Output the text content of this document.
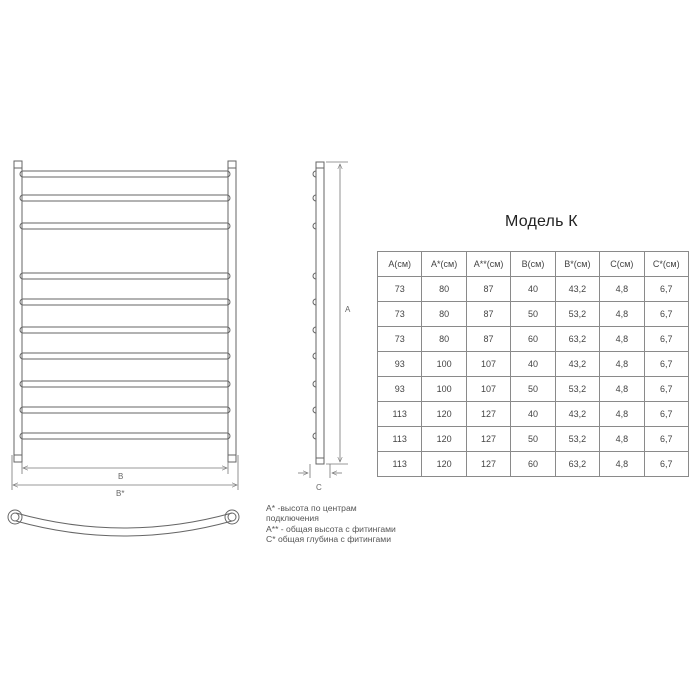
B
B*
A
C

A* -высота по центрам подключения

A** - общая высота с фитингами

C* общая глубина с фитингами

Модель К
A(см)	A*(см)	A**(см)	B(см)	B*(см)	C(см)	C*(см)
73	80	87	40	43,2	4,8	6,7
73	80	87	50	53,2	4,8	6,7
73	80	87	60	63,2	4,8	6,7
93	100	107	40	43,2	4,8	6,7
93	100	107	50	53,2	4,8	6,7
113	120	127	40	43,2	4,8	6,7
113	120	127	50	53,2	4,8	6,7
113	120	127	60	63,2	4,8	6,7
